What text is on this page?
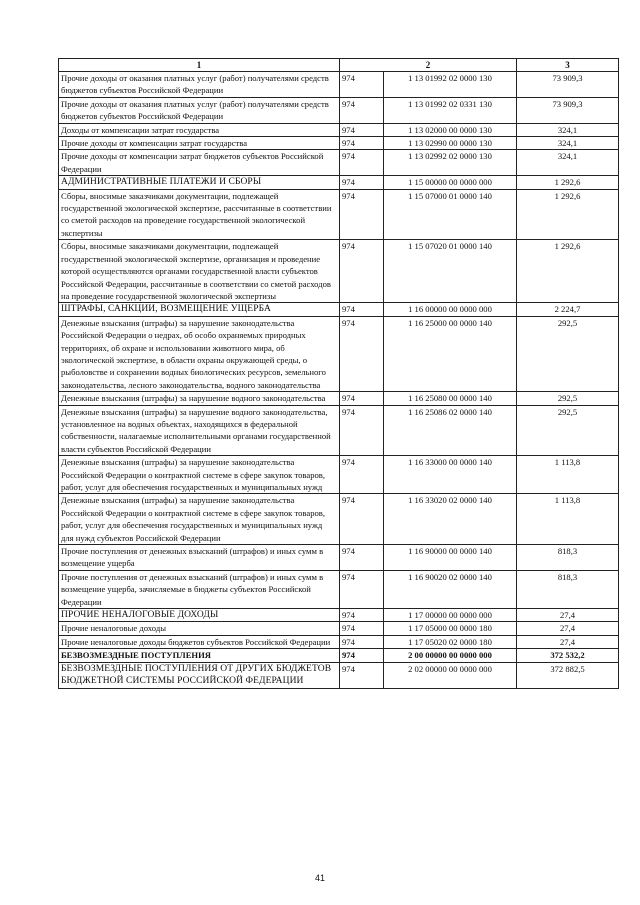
1	2		3
Прочие доходы от оказания платных услуг (работ) получателями средств бюджетов субъектов Российской Федерации	974	1 13 01992 02 0000 130	73 909,3
Прочие доходы от оказания платных услуг (работ) получателями средств бюджетов субъектов Российской Федерации	974	1 13 01992 02 0331 130	73 909,3
Доходы от компенсации затрат государства	974	1 13 02000 00 0000 130	324,1
Прочие доходы от компенсации затрат государства	974	1 13 02990 00 0000 130	324,1
Прочие доходы от компенсации затрат бюджетов субъектов Российской Федерации	974	1 13 02992 02 0000 130	324,1
АДМИНИСТРАТИВНЫЕ ПЛАТЕЖИ И СБОРЫ	974	1 15 00000 00 0000 000	1 292,6
Сборы, вносимые заказчиками документации, подлежащей государственной экологической экспертизе, рассчитанные в соответствии со сметой расходов на проведение государственной экологической экспертизы	974	1 15 07000 01 0000 140	1 292,6
Сборы, вносимые заказчиками документации, подлежащей государственной экологической экспертизе, организация и проведение которой осуществляются органами государственной власти субъектов Российской Федерации, рассчитанные в соответствии со сметой расходов на проведение государственной экологической экспертизы	974	1 15 07020 01 0000 140	1 292,6
ШТРАФЫ, САНКЦИИ, ВОЗМЕЩЕНИЕ УЩЕРБА	974	1 16 00000 00 0000 000	2 224,7
Денежные взыскания (штрафы) за нарушение законодательства Российской Федерации о недрах, об особо охраняемых природных территориях, об охране и использовании животного мира, об экологической экспертизе, в области охраны окружающей среды, о рыболовстве и сохранении водных биологических ресурсов, земельного законодательства, лесного законодательства, водного законодательства	974	1 16 25000 00 0000 140	292,5
Денежные взыскания (штрафы) за нарушение водного законодательства	974	1 16 25080 00 0000 140	292,5
Денежные взыскания (штрафы) за нарушение водного законодательства, установленное на водных объектах, находящихся в федеральной собственности, налагаемые исполнительными органами государственной власти субъектов Российской Федерации	974	1 16 25086 02 0000 140	292,5
Денежные взыскания (штрафы) за нарушение законодательства Российской Федерации о контрактной системе в сфере закупок товаров, работ, услуг для обеспечения государственных и муниципальных нужд	974	1 16 33000 00 0000 140	1 113,8
Денежные взыскания (штрафы) за нарушение законодательства Российской Федерации о контрактной системе в сфере закупок товаров, работ, услуг для обеспечения государственных и муниципальных нужд для нужд субъектов Российской Федерации	974	1 16 33020 02 0000 140	1 113,8
Прочие поступления от денежных взысканий (штрафов) и иных сумм в возмещение ущерба	974	1 16 90000 00 0000 140	818,3
Прочие поступления от денежных взысканий (штрафов) и иных сумм в возмещение ущерба, зачисляемые в бюджеты субъектов Российской Федерации	974	1 16 90020 02 0000 140	818,3
ПРОЧИЕ НЕНАЛОГОВЫЕ ДОХОДЫ	974	1 17 00000 00 0000 000	27,4
Прочие неналоговые доходы	974	1 17 05000 00 0000 180	27,4
Прочие неналоговые доходы бюджетов субъектов Российской Федерации	974	1 17 05020 02 0000 180	27,4
БЕЗВОЗМЕЗДНЫЕ ПОСТУПЛЕНИЯ	974	2 00 00000 00 0000 000	372 532,2
БЕЗВОЗМЕЗДНЫЕ ПОСТУПЛЕНИЯ ОТ ДРУГИХ БЮДЖЕТОВ БЮДЖЕТНОЙ СИСТЕМЫ РОССИЙСКОЙ ФЕДЕРАЦИИ	974	2 02 00000 00 0000 000	372 882,5
41
